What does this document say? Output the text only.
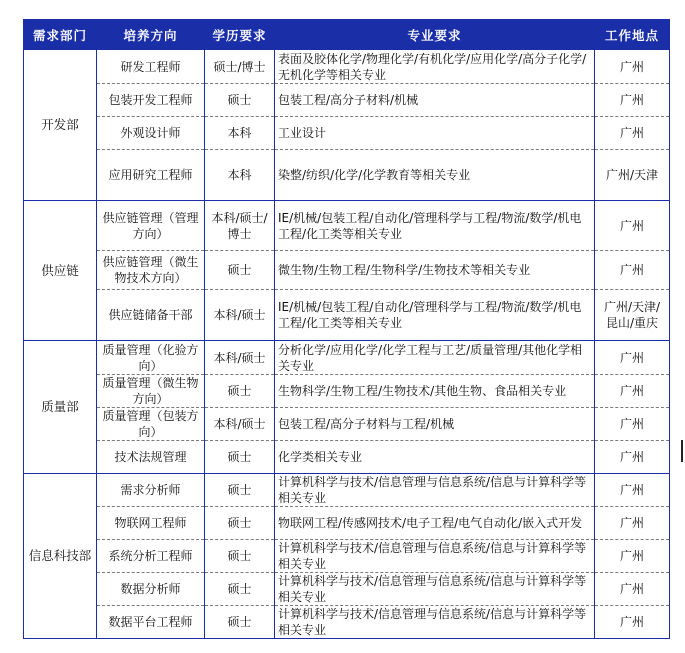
需求部门	培养方向	学历要求	专业要求	工作地点
开发部	研发工程师	硕士/博士	表面及胶体化学/物理化学/有机化学/应用化学/高分子化学/无机化学等相关专业	广州
	包装开发工程师	硕士	包装工程/高分子材料/机械	广州
	外观设计师	本科	工业设计	广州
	应用研究工程师	本科	染整/纺织/化学/化学教育等相关专业	广州/天津
供应链	供应链管理（管理方向）	本科/硕士/博士	IE/机械/包装工程/自动化/管理科学与工程/物流/数学/机电工程/化工类等相关专业	广州
	供应链管理（微生物技术方向）	硕士	微生物/生物工程/生物科学/生物技术等相关专业	广州
	供应链储备干部	本科/硕士	IE/机械/包装工程/自动化/管理科学与工程/物流/数学/机电工程/化工类等相关专业	广州/天津/昆山/重庆
质量部	质量管理（化验方向）	本科/硕士	分析化学/应用化学/化学工程与工艺/质量管理/其他化学相关专业	广州
	质量管理（微生物方向）	硕士	生物科学/生物工程/生物技术/其他生物、食品相关专业	广州
	质量管理（包装方向）	本科/硕士	包装工程/高分子材料与工程/机械	广州
	技术法规管理	硕士	化学类相关专业	广州
信息科技部	需求分析师	硕士	计算机科学与技术/信息管理与信息系统/信息与计算科学等相关专业	广州
	物联网工程师	硕士	物联网工程/传感网技术/电子工程/电气自动化/嵌入式开发	广州
	系统分析工程师	硕士	计算机科学与技术/信息管理与信息系统/信息与计算科学等相关专业	广州
	数据分析师	硕士	计算机科学与技术/信息管理与信息系统/信息与计算科学等相关专业	广州
	数据平台工程师	硕士	计算机科学与技术/信息管理与信息系统/信息与计算科学等相关专业	广州
